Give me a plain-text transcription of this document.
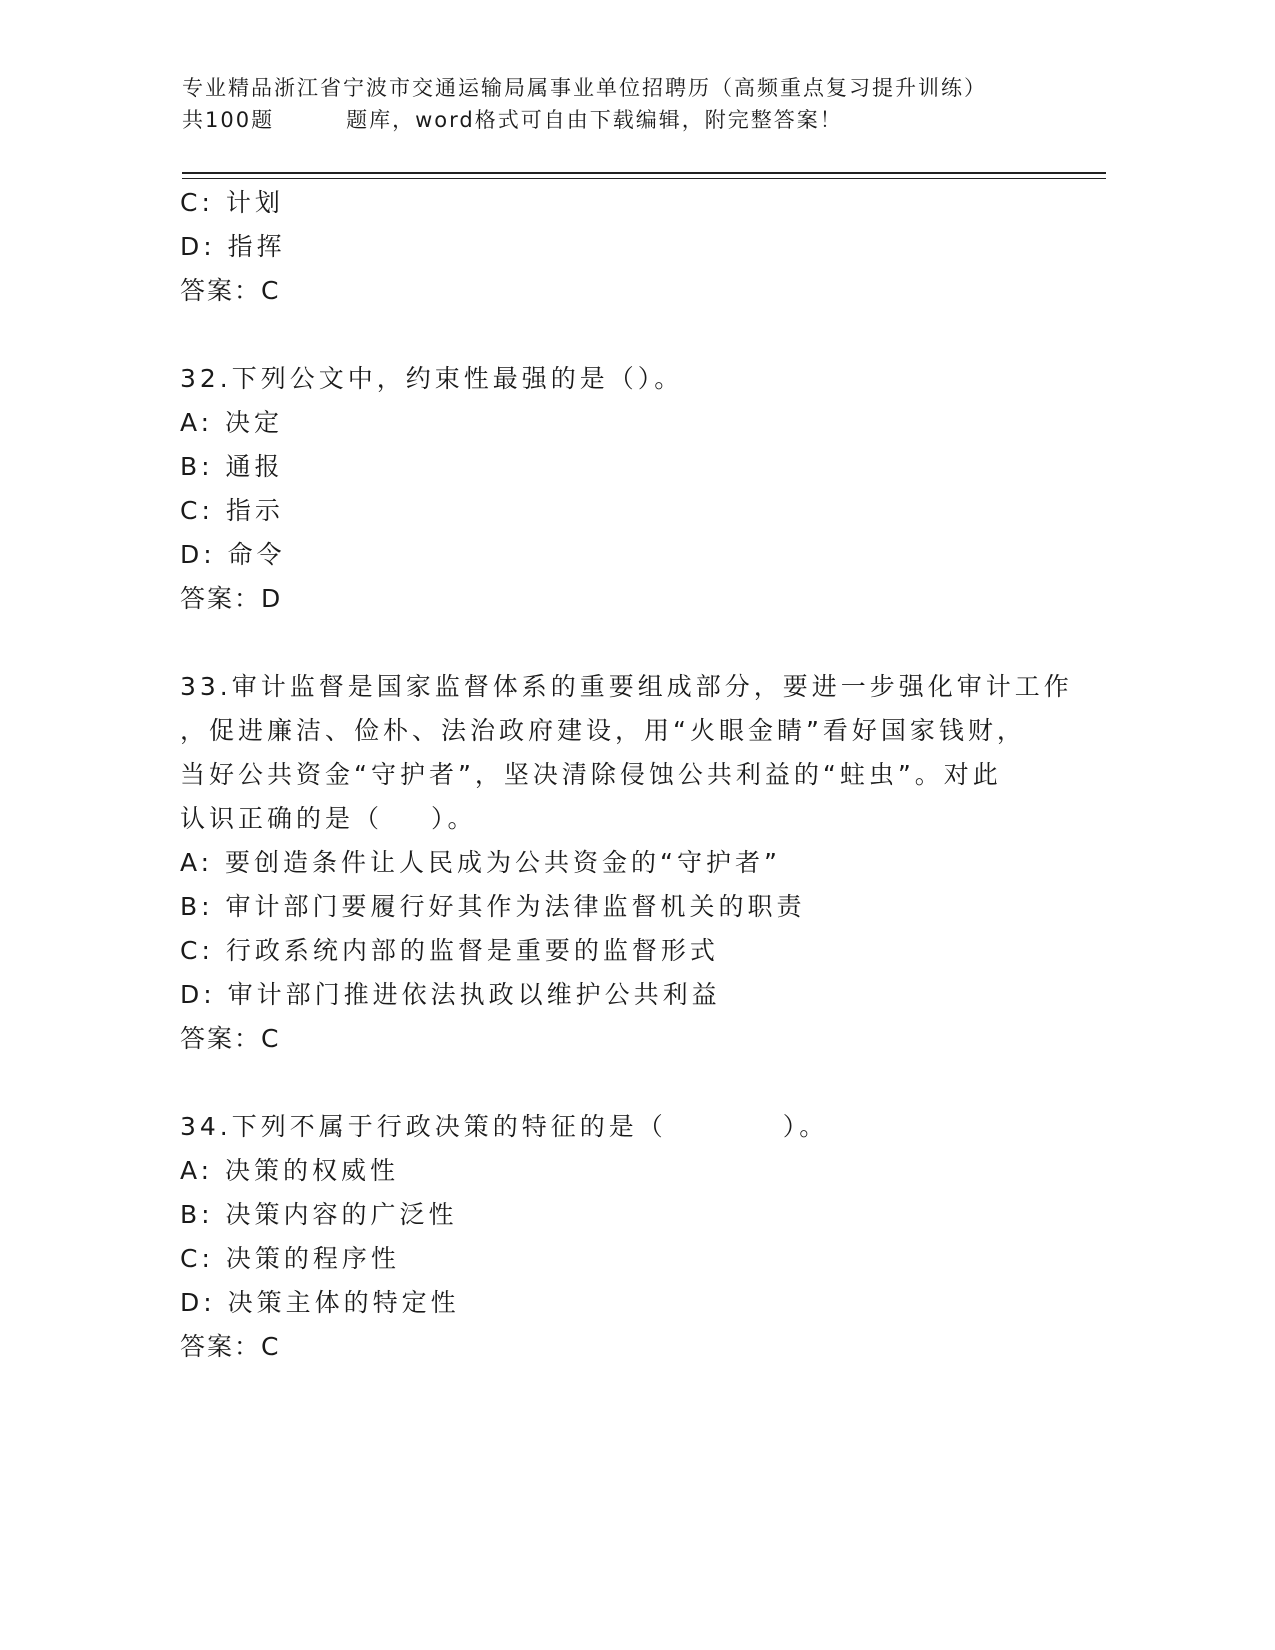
专业精品浙江省宁波市交通运输局属事业单位招聘历（高频重点复习提升训练）
共100题	题库，word格式可自由下载编辑，附完整答案！
C: 计划
D: 指挥
答案：C
32.下列公文中，约束性最强的是（）。
A: 决定
B: 通报
C: 指示
D: 命令
答案：D
33.审计监督是国家监督体系的重要组成部分，要进一步强化审计工作
，促进廉洁、俭朴、法治政府建设，用“火眼金睛”看好国家钱财，
当好公共资金“守护者”，坚决清除侵蚀公共利益的“蛀虫”。对此
认识正确的是（ ）。
A: 要创造条件让人民成为公共资金的“守护者”
B: 审计部门要履行好其作为法律监督机关的职责
C: 行政系统内部的监督是重要的监督形式
D: 审计部门推进依法执政以维护公共利益
答案：C
34.下列不属于行政决策的特征的是（	）。
A: 决策的权威性
B: 决策内容的广泛性
C: 决策的程序性
D: 决策主体的特定性
答案：C
